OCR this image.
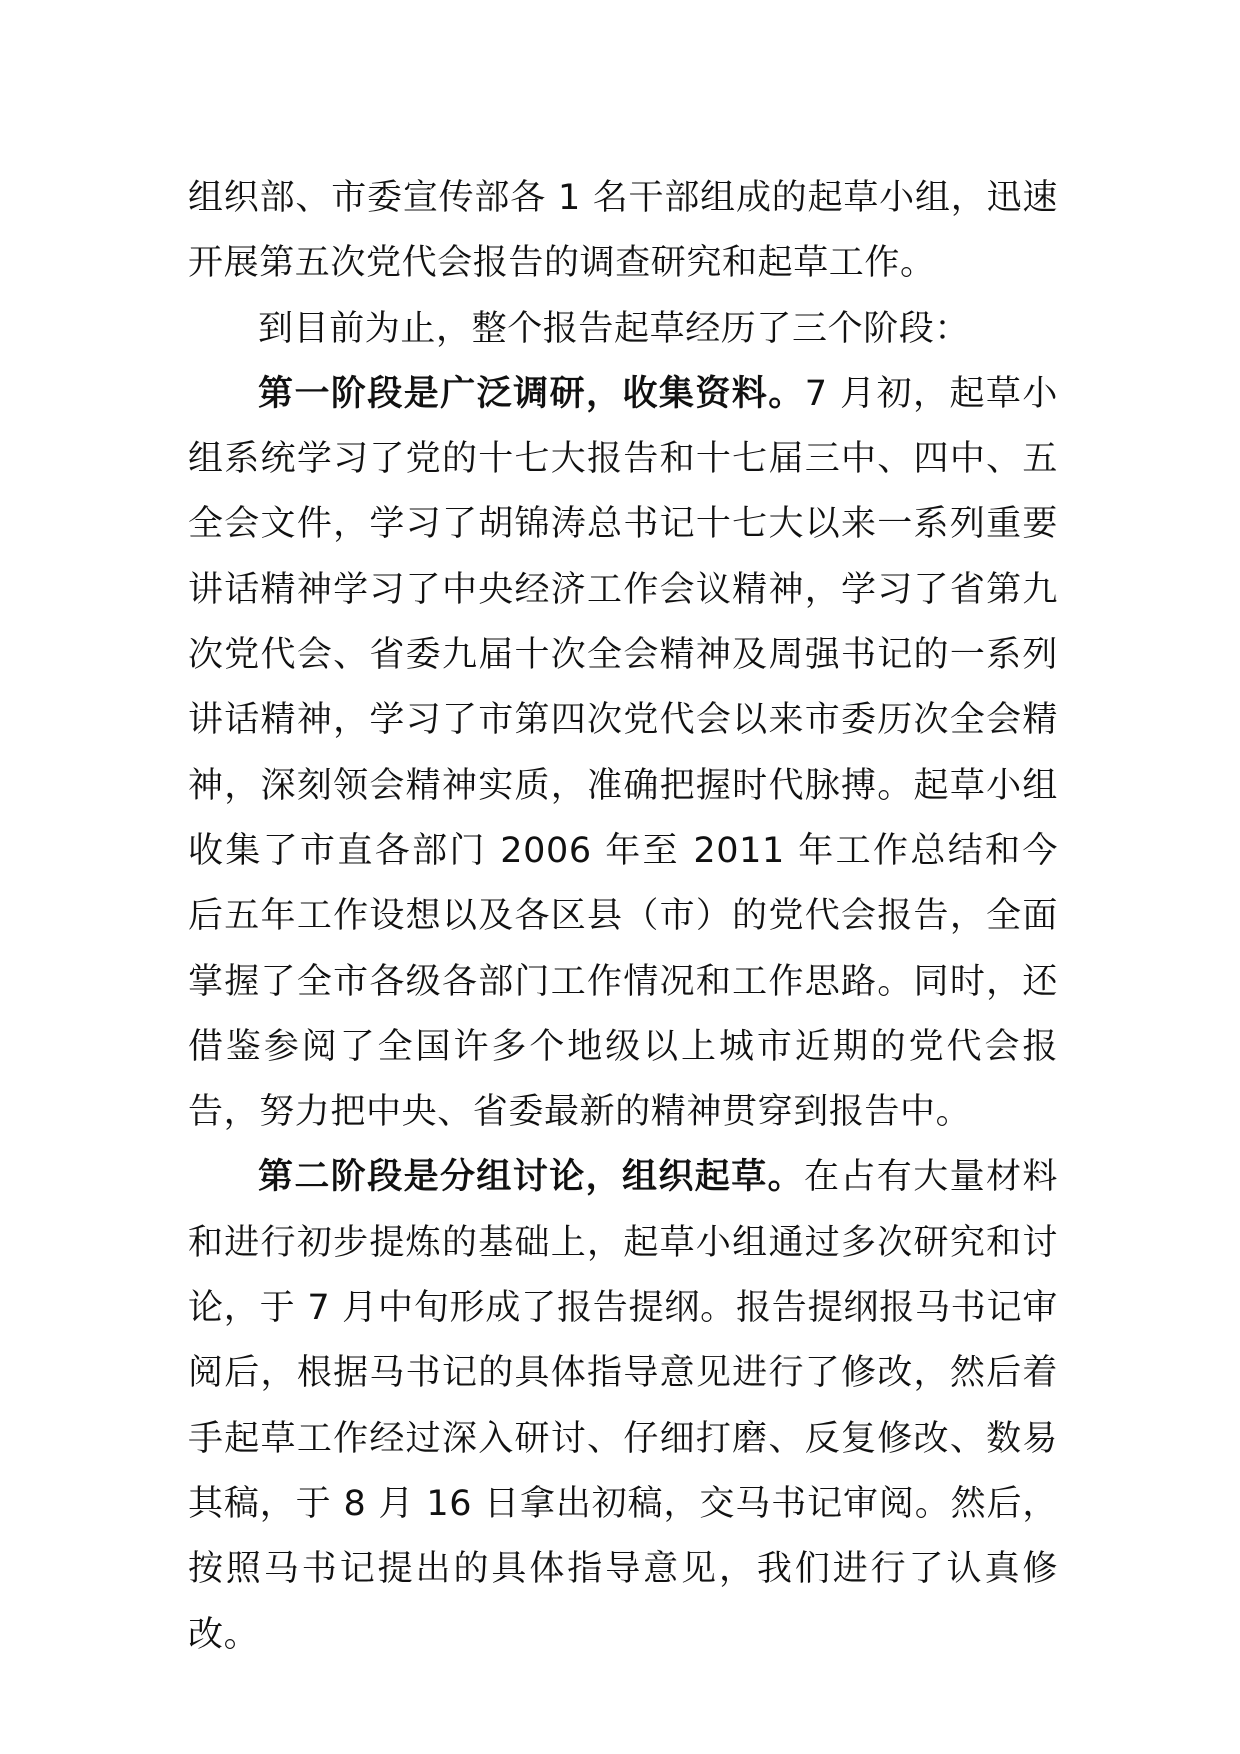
组织部、市委宣传部各 1 名干部组成的起草小组，迅速开展第五次党代会报告的调查研究和起草工作。

到目前为止，整个报告起草经历了三个阶段：

第一阶段是广泛调研，收集资料。7 月初，起草小组系统学习了党的十七大报告和十七届三中、四中、五全会文件，学习了胡锦涛总书记十七大以来一系列重要讲话精神学习了中央经济工作会议精神，学习了省第九次党代会、省委九届十次全会精神及周强书记的一系列讲话精神，学习了市第四次党代会以来市委历次全会精神，深刻领会精神实质，准确把握时代脉搏。起草小组收集了市直各部门 2006 年至 2011 年工作总结和今后五年工作设想以及各区县（市）的党代会报告，全面掌握了全市各级各部门工作情况和工作思路。同时，还借鉴参阅了全国许多个地级以上城市近期的党代会报告，努力把中央、省委最新的精神贯穿到报告中。

第二阶段是分组讨论，组织起草。在占有大量材料和进行初步提炼的基础上，起草小组通过多次研究和讨论，于 7 月中旬形成了报告提纲。报告提纲报马书记审阅后，根据马书记的具体指导意见进行了修改，然后着手起草工作经过深入研讨、仔细打磨、反复修改、数易其稿，于 8 月 16 日拿出初稿，交马书记审阅。然后，按照马书记提出的具体指导意见，我们进行了认真修改。
